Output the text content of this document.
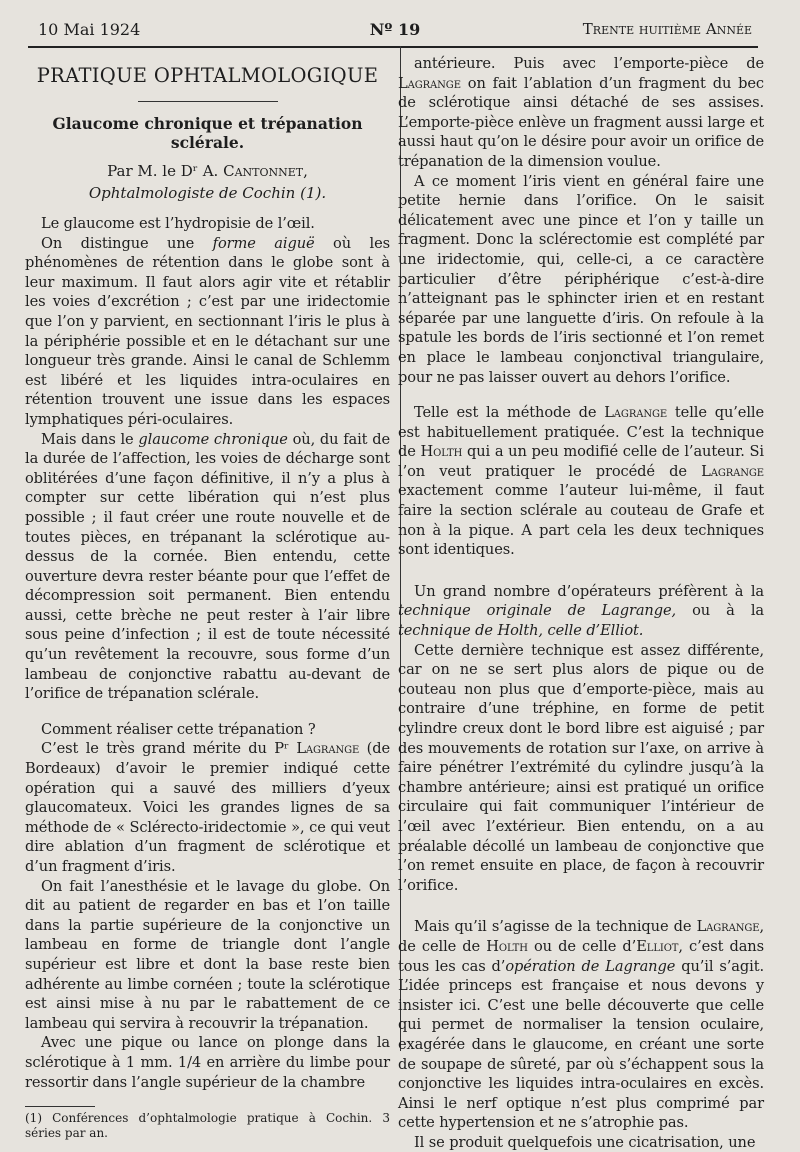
10 Mai 1924	Nº 19	Trente huitième Année
PRATIQUE OPHTALMOLOGIQUE
Glaucome chronique et trépanation sclérale.
Par M. le Dʳ A. Cantonnet,
Ophtalmologiste de Cochin (1).

Le glaucome est l’hydropisie de l’œil.

On distingue une forme aiguë où les phénomènes de rétention dans le globe sont à leur maximum. Il faut alors agir vite et rétablir les voies d’excrétion ; c’est par une iridectomie que l’on y parvient, en sectionnant l’iris le plus à la périphérie possible et en le détachant sur une longueur très grande. Ainsi le canal de Schlemm est libéré et les liquides intra-oculaires en rétention trouvent une issue dans les espaces lymphatiques péri-oculaires.

Mais dans le glaucome chronique où, du fait de la durée de l’affection, les voies de décharge sont oblitérées d’une façon définitive, il n’y a plus à compter sur cette libération qui n’est plus possible ; il faut créer une route nouvelle et de toutes pièces, en trépanant la sclérotique au-dessus de la cornée. Bien entendu, cette ouverture devra rester béante pour que l’effet de décompression soit permanent. Bien entendu aussi, cette brèche ne peut rester à l’air libre sous peine d’infection ; il est de toute nécessité qu’un revêtement la recouvre, sous forme d’un lambeau de conjonctive rabattu au-devant de l’orifice de trépanation sclérale.

Comment réaliser cette trépanation ?

C’est le très grand mérite du Pʳ Lagrange (de Bordeaux) d’avoir le premier indiqué cette opération qui a sauvé des milliers d’yeux glaucomateux. Voici les grandes lignes de sa méthode de « Sclérecto-iridectomie », ce qui veut dire ablation d’un fragment de sclérotique et d’un fragment d’iris.

On fait l’anesthésie et le lavage du globe. On dit au patient de regarder en bas et l’on taille dans la partie supérieure de la conjonctive un lambeau en forme de triangle dont l’angle supérieur est libre et dont la base reste bien adhérente au limbe cornéen ; toute la sclérotique est ainsi mise à nu par le rabattement de ce lambeau qui servira à recouvrir la trépanation.

Avec une pique ou lance on plonge dans la sclérotique à 1 mm. 1/4 en arrière du limbe pour ressortir dans l’angle supérieur de la chambre

(1) Conférences d’ophtalmologie pratique à Cochin. 3 séries par an.

antérieure. Puis avec l’emporte-pièce de Lagrange on fait l’ablation d’un fragment du bec de sclérotique ainsi détaché de ses assises. L’emporte-pièce enlève un fragment aussi large et aussi haut qu’on le désire pour avoir un orifice de trépanation de la dimension voulue.

A ce moment l’iris vient en général faire une petite hernie dans l’orifice. On le saisit délicatement avec une pince et l’on y taille un fragment. Donc la sclérectomie est complété par une iridectomie, qui, celle-ci, a ce caractère particulier d’être périphérique c’est-à-dire n’atteignant pas le sphincter irien et en restant séparée par une languette d’iris. On refoule à la spatule les bords de l’iris sectionné et l’on remet en place le lambeau conjonctival triangulaire, pour ne pas laisser ouvert au dehors l’orifice.

Telle est la méthode de Lagrange telle qu’elle est habituellement pratiquée. C’est la technique de Holth qui a un peu modifié celle de l’auteur. Si l’on veut pratiquer le procédé de Lagrange exactement comme l’auteur lui-même, il faut faire la section sclérale au couteau de Grafe et non à la pique. A part cela les deux techniques sont identiques.

Un grand nombre d’opérateurs préfèrent à la technique originale de Lagrange, ou à la technique de Holth, celle d’Elliot.

Cette dernière technique est assez différente, car on ne se sert plus alors de pique ou de couteau non plus que d’emporte-pièce, mais au contraire d’une tréphine, en forme de petit cylindre creux dont le bord libre est aiguisé ; par des mouvements de rotation sur l’axe, on arrive à faire pénétrer l’extrémité du cylindre jusqu’à la chambre antérieure; ainsi est pratiqué un orifice circulaire qui fait communiquer l’intérieur de l’œil avec l’extérieur. Bien entendu, on a au préalable décollé un lambeau de conjonctive que l’on remet ensuite en place, de façon à recouvrir l’orifice.

Mais qu’il s’agisse de la technique de Lagrange, de celle de Holth ou de celle d’Elliot, c’est dans tous les cas d’opération de Lagrange qu’il s’agit. L’idée princeps est française et nous devons y insister ici. C’est une belle découverte que celle qui permet de normaliser la tension oculaire, exagérée dans le glaucome, en créant une sorte de soupape de sûreté, par où s’échappent sous la conjonctive les liquides intra-oculaires en excès. Ainsi le nerf optique n’est plus comprimé par cette hypertension et ne s’atrophie pas.

Il se produit quelquefois une cicatrisation, une
